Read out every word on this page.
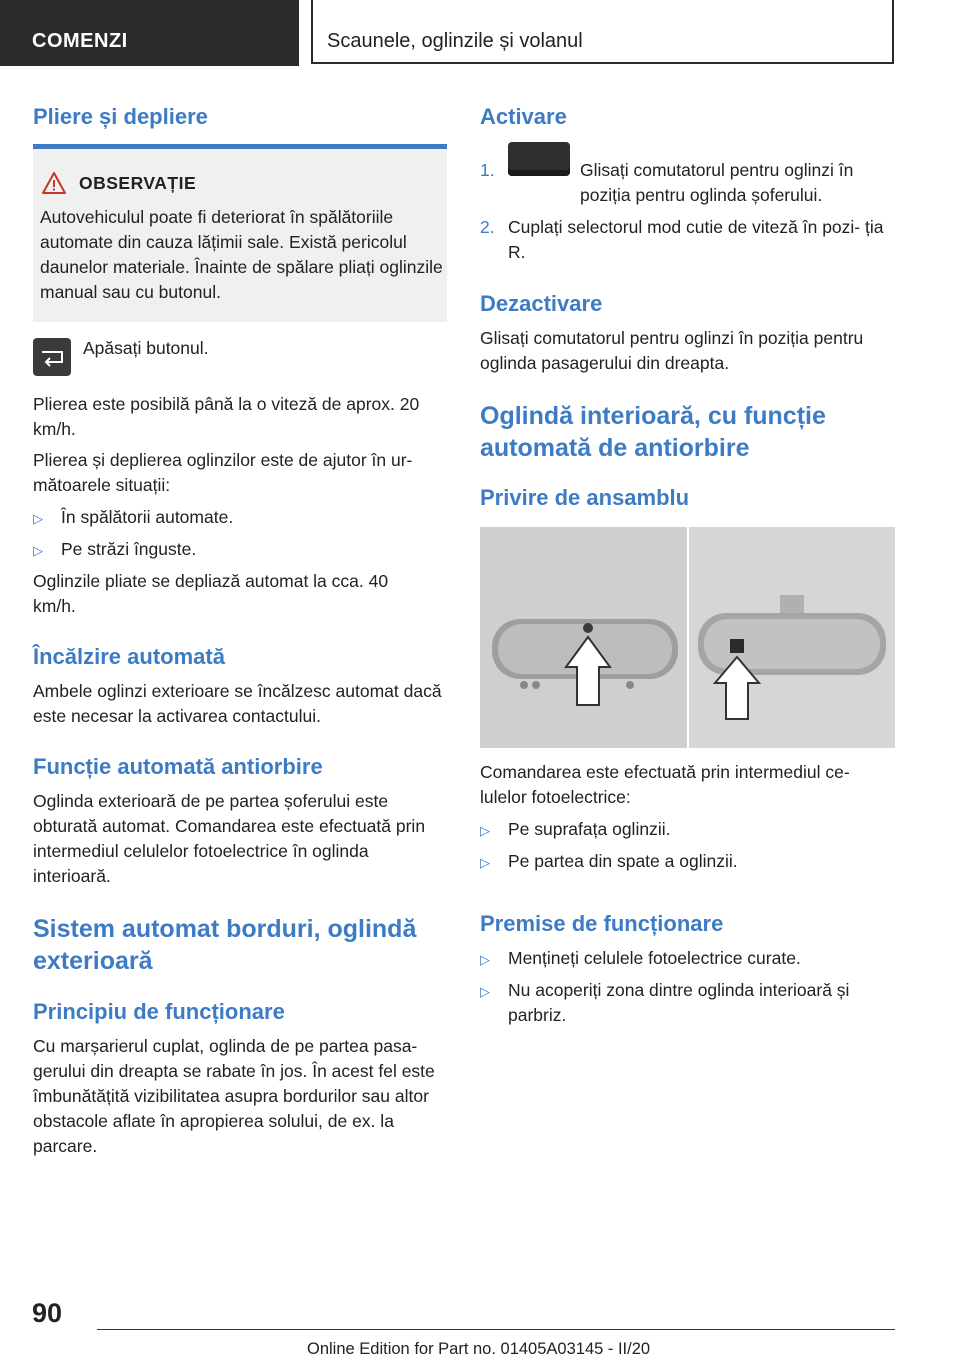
COMENZI	Scaunele, oglinzile și volanul
Pliere și depliere
OBSERVAȚIE
Autovehiculul poate fi deteriorat în spălătoriile automate din cauza lățimii sale. Există pericolul daunelor materiale. Înainte de spălare pliați oglinzile manual sau cu butonul.

Apăsați butonul.

Plierea este posibilă până la o viteză de aprox. 20 km/h.

Plierea și deplierea oglinzilor este de ajutor în ur- mătoarele situații:

▷	În spălătorii automate.
▷	Pe străzi înguste.

Oglinzile pliate se depliază automat la cca. 40 km/h.

Încălzire automată

Ambele oglinzi exterioare se încălzesc automat dacă este necesar la activarea contactului.

Funcție automată antiorbire

Oglinda exterioară de pe partea șoferului este obturată automat. Comandarea este efectuată prin intermediul celulelor fotoelectrice în oglinda interioară.

Sistem automat borduri, oglindă exterioară
Principiu de funcționare

Cu marșarierul cuplat, oglinda de pe partea pasa- gerului din dreapta se rabate în jos. În acest fel este îmbunătățită vizibilitatea asupra bordurilor sau altor obstacole aflate în apropierea solului, de ex. la parcare.

Activare
1.	Glisați comutatorul pentru oglinzi în poziția pentru oglinda șoferului.

2. Cuplați selectorul mod cutie de viteză în pozi- ția R.

Dezactivare

Glisați comutatorul pentru oglinzi în poziția pentru oglinda pasagerului din dreapta.

Oglindă interioară, cu funcție automată de antiorbire
Privire de ansamblu

Comandarea este efectuată prin intermediul ce- lulelor fotoelectrice:

▷	Pe suprafața oglinzii.
▷	Pe partea din spate a oglinzii.
Premise de funcționare
▷	Mențineți celulele fotoelectrice curate.
▷	Nu acoperiți zona dintre oglinda interioară și parbriz.
90
Online Edition for Part no. 01405A03145 - II/20
